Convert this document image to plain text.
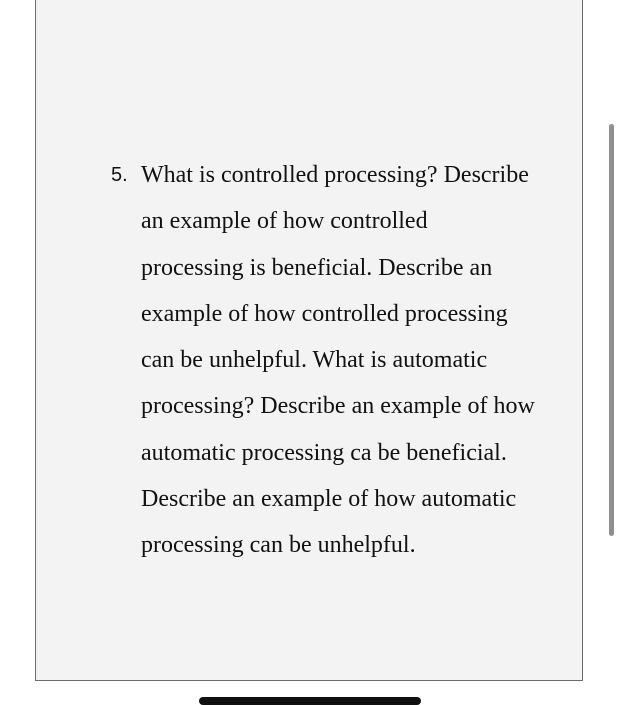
5. What is controlled processing? Describe
an example of how controlled
processing is beneficial. Describe an
example of how controlled processing
can be unhelpful. What is automatic
processing? Describe an example of how
automatic processing ca be beneficial.
Describe an example of how automatic
processing can be unhelpful.
